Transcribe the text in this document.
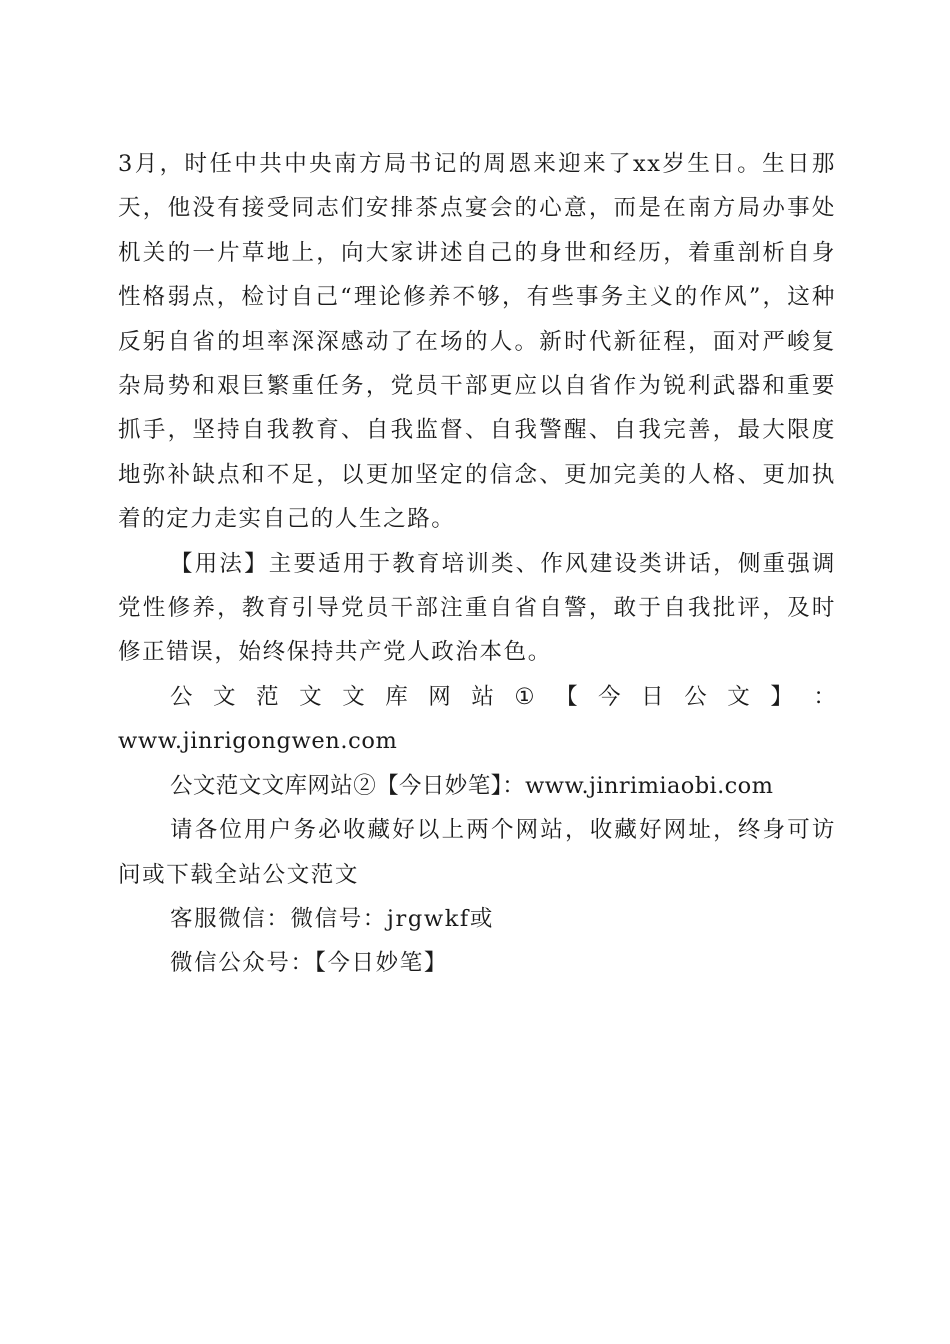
3月，时任中共中央南方局书记的周恩来迎来了xx岁生日。生日那天，他没有接受同志们安排茶点宴会的心意，而是在南方局办事处机关的一片草地上，向大家讲述自己的身世和经历，着重剖析自身性格弱点，检讨自己“理论修养不够，有些事务主义的作风”，这种反躬自省的坦率深深感动了在场的人。新时代新征程，面对严峻复杂局势和艰巨繁重任务，党员干部更应以自省作为锐利武器和重要抓手，坚持自我教育、自我监督、自我警醒、自我完善，最大限度地弥补缺点和不足，以更加坚定的信念、更加完美的人格、更加执着的定力走实自己的人生之路。

【用法】主要适用于教育培训类、作风建设类讲话，侧重强调党性修养，教育引导党员干部注重自省自警，敢于自我批评，及时修正错误，始终保持共产党人政治本色。

公 文 范 文 文 库 网 站 ① 【 今 日 公 文 】 ：
www.jinrigongwen.com

公文范文文库网站②【今日妙笔】：www.jinrimiaobi.com

请各位用户务必收藏好以上两个网站，收藏好网址，终身可访问或下载全站公文范文

客服微信：微信号：jrgwkf或

微信公众号：【今日妙笔】
